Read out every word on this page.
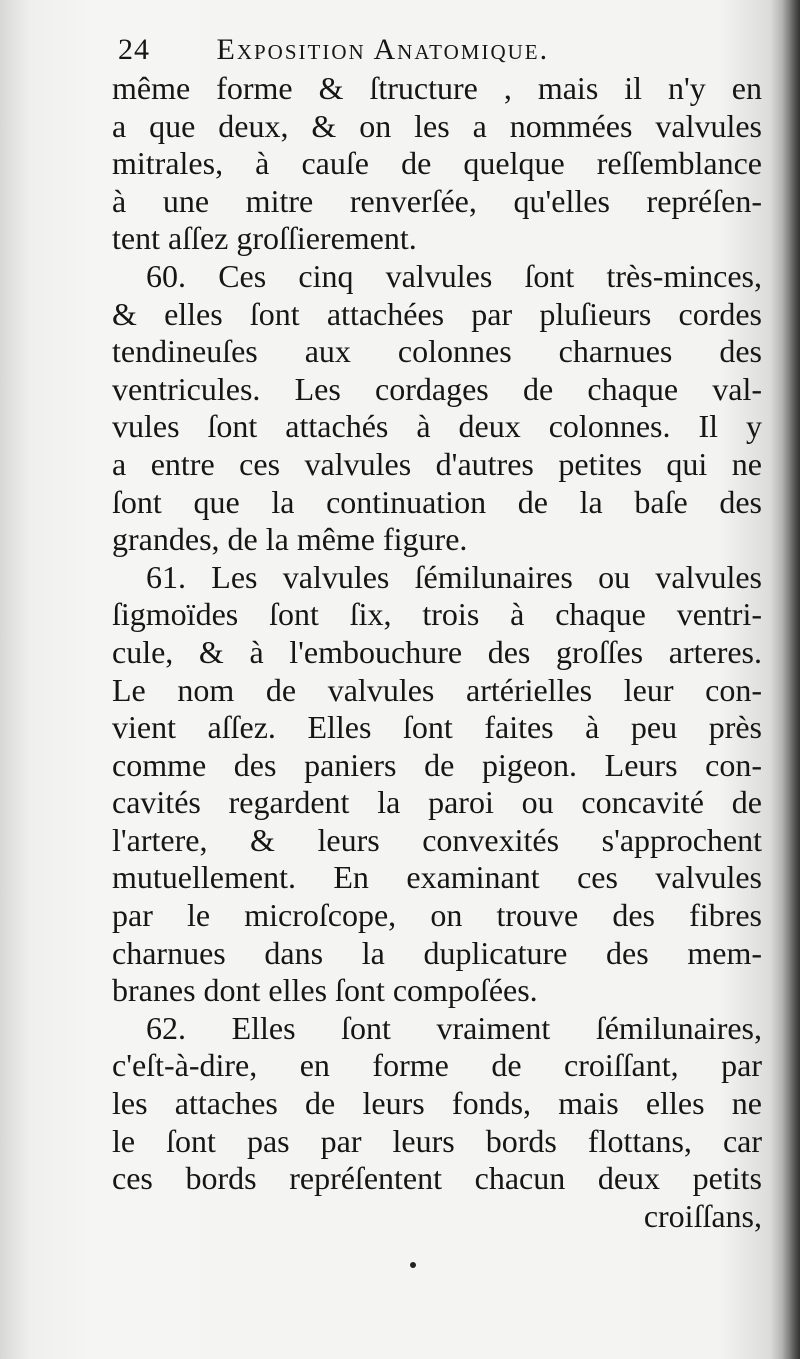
24 Exposition Anatomique.
même forme & ſtructure , mais il n'y en
a que deux, & on les a nommées valvules
mitrales, à cauſe de quelque reſſemblance
à une mitre renverſée, qu'elles repréſen-
tent aſſez groſſierement.
60. Ces cinq valvules ſont très-minces,
& elles ſont attachées par pluſieurs cordes
tendineuſes aux colonnes charnues des
ventricules. Les cordages de chaque val-
vules ſont attachés à deux colonnes. Il y
a entre ces valvules d'autres petites qui ne
ſont que la continuation de la baſe des
grandes, de la même figure.
61. Les valvules ſémilunaires ou valvules
ſigmoïdes ſont ſix, trois à chaque ventri-
cule, & à l'embouchure des groſſes arteres.
Le nom de valvules artérielles leur con-
vient aſſez. Elles ſont faites à peu près
comme des paniers de pigeon. Leurs con-
cavités regardent la paroi ou concavité de
l'artere, & leurs convexités s'approchent
mutuellement. En examinant ces valvules
par le microſcope, on trouve des fibres
charnues dans la duplicature des mem-
branes dont elles ſont compoſées.
62. Elles ſont vraiment ſémilunaires,
c'eſt-à-dire, en forme de croiſſant, par
les attaches de leurs fonds, mais elles ne
le ſont pas par leurs bords flottans, car
ces bords repréſentent chacun deux petits
croiſſans,
